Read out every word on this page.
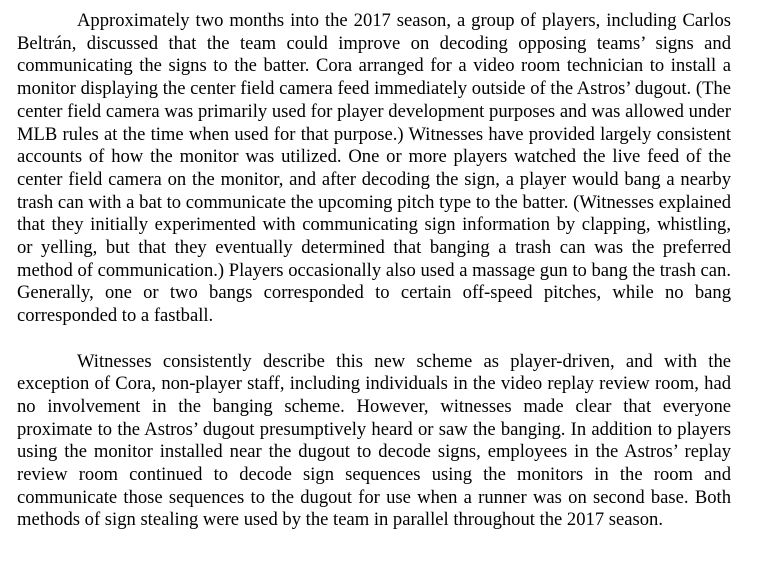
Approximately two months into the 2017 season, a group of players, including Carlos Beltrán, discussed that the team could improve on decoding opposing teams’ signs and communicating the signs to the batter. Cora arranged for a video room technician to install a monitor displaying the center field camera feed immediately outside of the Astros’ dugout. (The center field camera was primarily used for player development purposes and was allowed under MLB rules at the time when used for that purpose.) Witnesses have provided largely consistent accounts of how the monitor was utilized. One or more players watched the live feed of the center field camera on the monitor, and after decoding the sign, a player would bang a nearby trash can with a bat to communicate the upcoming pitch type to the batter. (Witnesses explained that they initially experimented with communicating sign information by clapping, whistling, or yelling, but that they eventually determined that banging a trash can was the preferred method of communication.) Players occasionally also used a massage gun to bang the trash can. Generally, one or two bangs corresponded to certain off-speed pitches, while no bang corresponded to a fastball.

Witnesses consistently describe this new scheme as player-driven, and with the exception of Cora, non-player staff, including individuals in the video replay review room, had no involvement in the banging scheme. However, witnesses made clear that everyone proximate to the Astros’ dugout presumptively heard or saw the banging. In addition to players using the monitor installed near the dugout to decode signs, employees in the Astros’ replay review room continued to decode sign sequences using the monitors in the room and communicate those sequences to the dugout for use when a runner was on second base. Both methods of sign stealing were used by the team in parallel throughout the 2017 season.
